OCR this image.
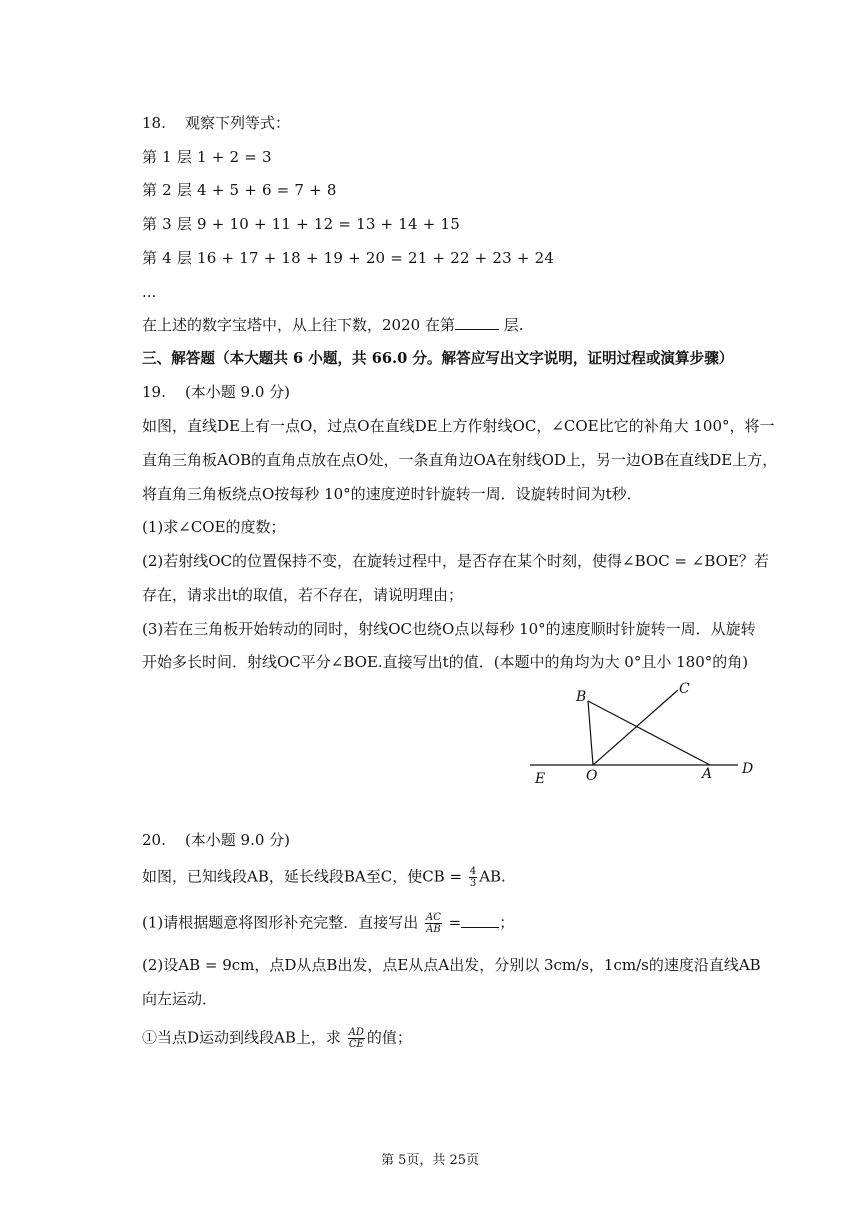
18. 观察下列等式：
第 1 层 1 + 2 = 3
第 2 层 4 + 5 + 6 = 7 + 8
第 3 层 9 + 10 + 11 + 12 = 13 + 14 + 15
第 4 层 16 + 17 + 18 + 19 + 20 = 21 + 22 + 23 + 24
...
在上述的数字宝塔中，从上往下数，2020 在第	层.
三、解答题（本大题共 6 小题，共 66.0 分。解答应写出文字说明，证明过程或演算步骤）
19. (本小题 9.0 分)
如图，直线DE上有一点O，过点O在直线DE上方作射线OC，∠COE比它的补角大 100°，将一
直角三角板AOB的直角点放在点O处，一条直角边OA在射线OD上，另一边OB在直线DE上方，
将直角三角板绕点O按每秒 10°的速度逆时针旋转一周．设旋转时间为t秒．
(1)求∠COE的度数；
(2)若射线OC的位置保持不变，在旋转过程中，是否存在某个时刻，使得∠BOC = ∠BOE？若
存在，请求出t的取值，若不存在，请说明理由；
(3)若在三角板开始转动的同时，射线OC也绕O点以每秒 10°的速度顺时针旋转一周．从旋转
开始多长时间．射线OC平分∠BOE.直接写出t的值．(本题中的角均为大 0°且小 180°的角)
B	C
E	O	A D
20. (本小题 9.0 分)
如图，已知线段AB，延长线段BA至C，使CB = $\frac{4}{3}$ AB.
(1)请根据题意将图形补充完整．直接写出 $\frac{AC}{AB}$ =	；
(2)设AB = 9cm，点D从点B出发，点E从点A出发，分别以 3cm/s，1cm/s的速度沿直线AB
向左运动．
①当点D运动到线段AB上，求 $\frac{AD}{CE}$ 的值；
第 5页，共 25页
